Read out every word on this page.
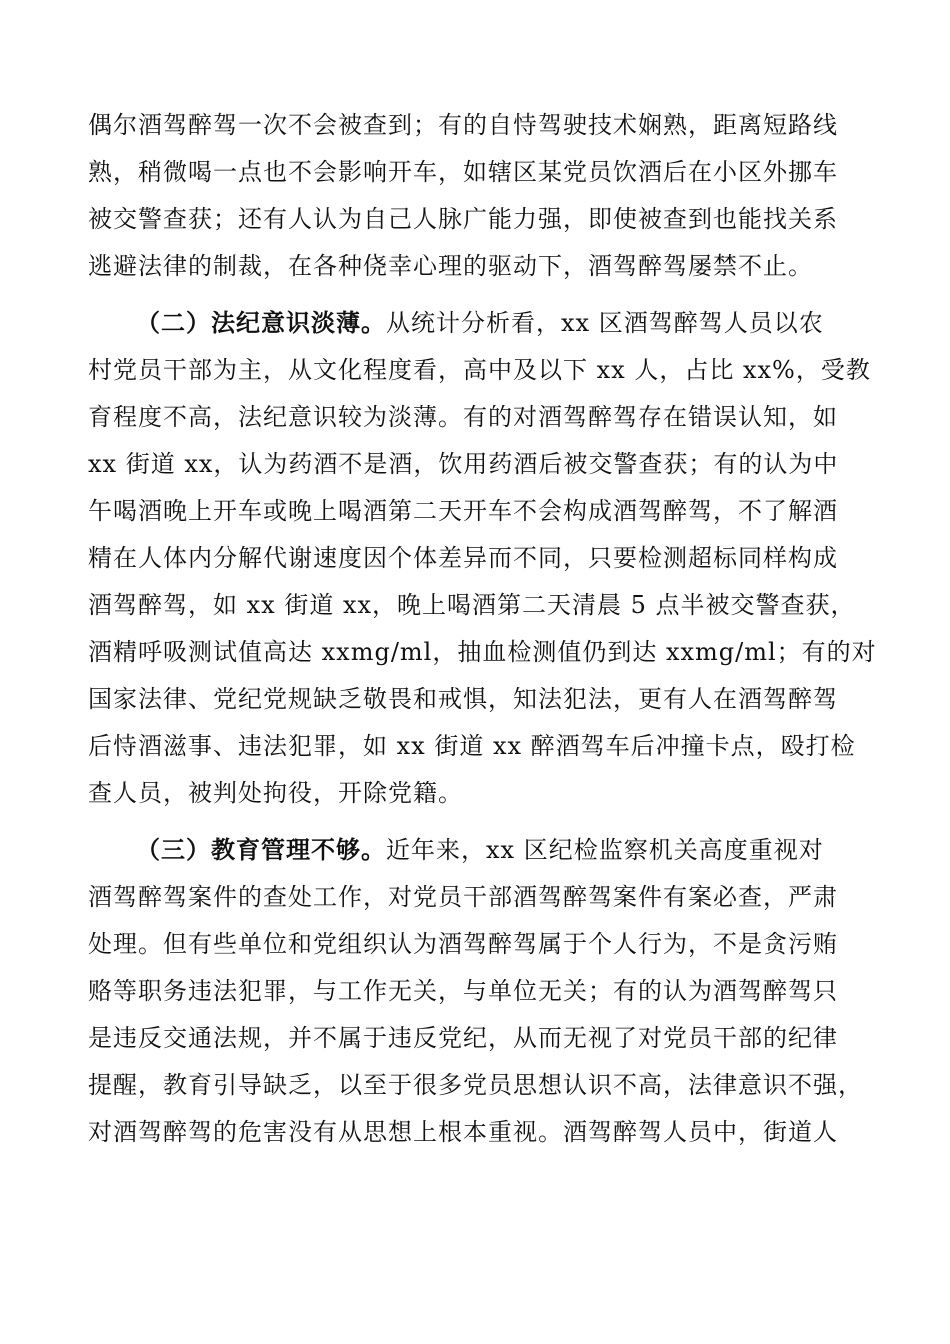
偶尔酒驾醉驾一次不会被查到；有的自恃驾驶技术娴熟，距离短路线
熟，稍微喝一点也不会影响开车，如辖区某党员饮酒后在小区外挪车
被交警查获；还有人认为自己人脉广能力强，即使被查到也能找关系
逃避法律的制裁，在各种侥幸心理的驱动下，酒驾醉驾屡禁不止。
（二）法纪意识淡薄。从统计分析看，xx 区酒驾醉驾人员以农
村党员干部为主，从文化程度看，高中及以下 xx 人，占比 xx%，受教
育程度不高，法纪意识较为淡薄。有的对酒驾醉驾存在错误认知，如
xx 街道 xx，认为药酒不是酒，饮用药酒后被交警查获；有的认为中
午喝酒晚上开车或晚上喝酒第二天开车不会构成酒驾醉驾，不了解酒
精在人体内分解代谢速度因个体差异而不同，只要检测超标同样构成
酒驾醉驾，如 xx 街道 xx，晚上喝酒第二天清晨 5 点半被交警查获，
酒精呼吸测试值高达 xxmg/ml，抽血检测值仍到达 xxmg/ml；有的对
国家法律、党纪党规缺乏敬畏和戒惧，知法犯法，更有人在酒驾醉驾
后恃酒滋事、违法犯罪，如 xx 街道 xx 醉酒驾车后冲撞卡点，殴打检
查人员，被判处拘役，开除党籍。
（三）教育管理不够。近年来，xx 区纪检监察机关高度重视对
酒驾醉驾案件的查处工作，对党员干部酒驾醉驾案件有案必查，严肃
处理。但有些单位和党组织认为酒驾醉驾属于个人行为，不是贪污贿
赂等职务违法犯罪，与工作无关，与单位无关；有的认为酒驾醉驾只
是违反交通法规，并不属于违反党纪，从而无视了对党员干部的纪律
提醒，教育引导缺乏，以至于很多党员思想认识不高，法律意识不强，
对酒驾醉驾的危害没有从思想上根本重视。酒驾醉驾人员中，街道人
